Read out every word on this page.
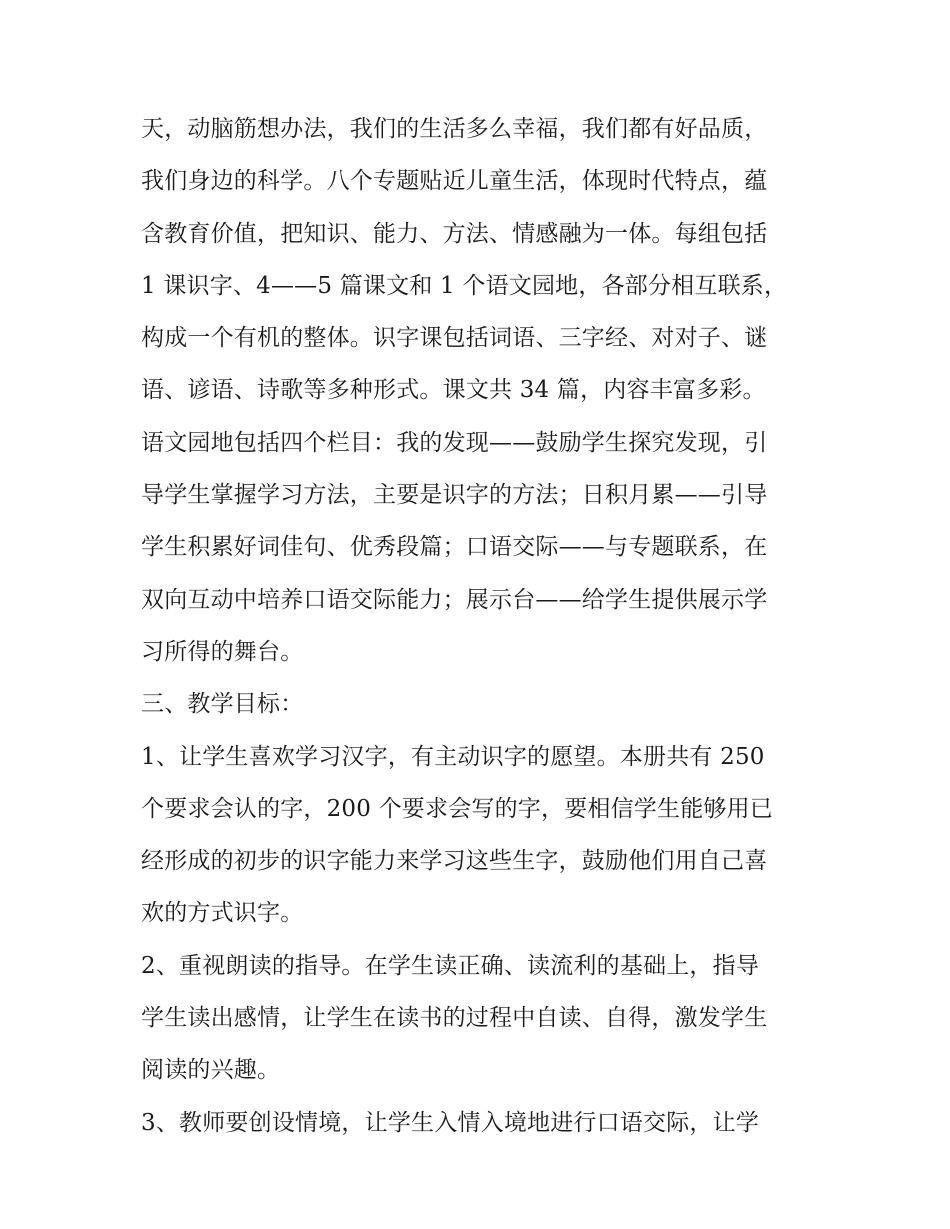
天，动脑筋想办法，我们的生活多么幸福，我们都有好品质，
我们身边的科学。八个专题贴近儿童生活，体现时代特点，蕴
含教育价值，把知识、能力、方法、情感融为一体。每组包括
1 课识字、4——5 篇课文和 1 个语文园地，各部分相互联系，
构成一个有机的整体。识字课包括词语、三字经、对对子、谜
语、谚语、诗歌等多种形式。课文共 34 篇，内容丰富多彩。
语文园地包括四个栏目：我的发现——鼓励学生探究发现，引
导学生掌握学习方法，主要是识字的方法；日积月累——引导
学生积累好词佳句、优秀段篇；口语交际——与专题联系，在
双向互动中培养口语交际能力；展示台——给学生提供展示学
习所得的舞台。
三、教学目标：
1、让学生喜欢学习汉字，有主动识字的愿望。本册共有 250
个要求会认的字，200 个要求会写的字，要相信学生能够用已
经形成的初步的识字能力来学习这些生字，鼓励他们用自己喜
欢的方式识字。
2、重视朗读的指导。在学生读正确、读流利的基础上，指导
学生读出感情，让学生在读书的过程中自读、自得，激发学生
阅读的兴趣。
3、教师要创设情境，让学生入情入境地进行口语交际，让学
